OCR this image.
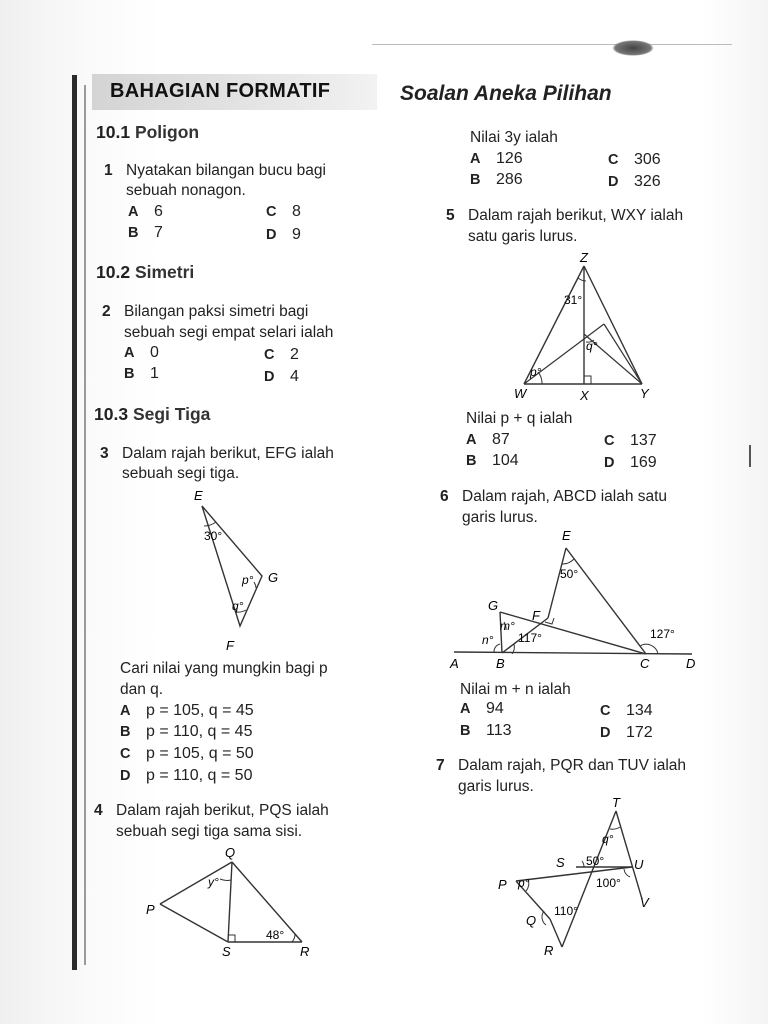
BAHAGIAN FORMATIF	Soalan Aneka Pilihan
10.1 Poligon
1 Nyatakan bilangan bucu bagi
sebuah nonagon.
A 6	C 8
B 7	D 9
10.2 Simetri
2 Bilangan paksi simetri bagi
sebuah segi empat selari ialah
A 0	C 2
B 1	D 4
10.3 Segi Tiga
3 Dalam rajah berikut, EFG ialah
sebuah segi tiga.
E
30°
p° G
q°
F
Cari nilai yang mungkin bagi p
dan q.
A p = 105, q = 45
B p = 110, q = 45
C p = 105, q = 50
D p = 110, q = 50
4 Dalam rajah berikut, PQS ialah
sebuah segi tiga sama sisi.
Q
y°
P
48°
S	R
Nilai 3y ialah
A 126	C 306
B 286	D 326
5 Dalam rajah berikut, WXY ialah
satu garis lurus.
Z
31°
q°
p°
W	X	Y
Nilai p + q ialah
A 87	C 137
B 104	D 169
6 Dalam rajah, ABCD ialah satu
garis lurus.
E
50°
G
F
m°
n° 117°	127°
A	B	C	D
Nilai m + n ialah
A 94	C 134
B 113	D 172
7 Dalam rajah, PQR dan TUV ialah
garis lurus.
T
q°
S 50° U
P p°	100°
V
110°
Q
R
